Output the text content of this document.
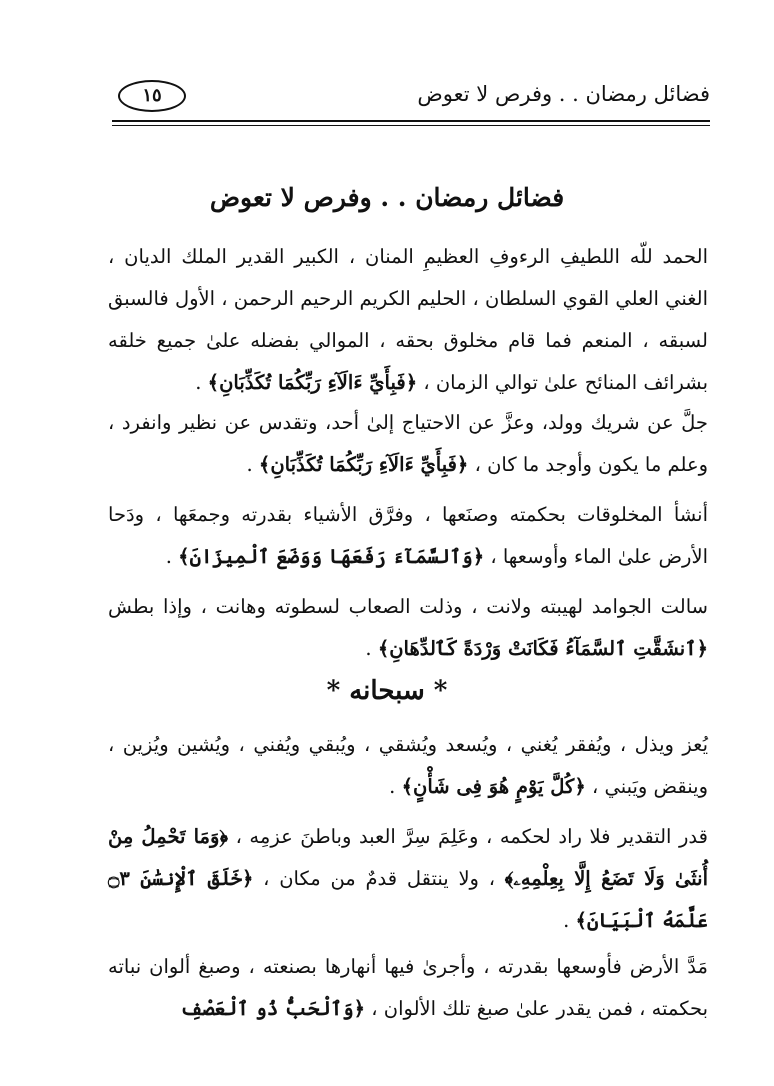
فضائل رمضان . . وفرص لا تعوض
١٥
فضائل رمضان . . وفرص لا تعوض
الحمد للّه اللطيفِ الرءوفِ العظيمِ المنان ، الكبير القدير الملك الديان ، الغني العلي القوي السلطان ، الحليم الكريم الرحيم الرحمن ، الأول فالسبق لسبقه ، المنعم فما قام مخلوق بحقه ، الموالي بفضله علىٰ جميع خلقه بشرائف المنائح علىٰ توالي الزمان ، ﴿فَبِأَيِّ ءَالَآءِ رَبِّكُمَا تُكَذِّبَانِ﴾ .
جلَّ عن شريك وولد، وعزَّ عن الاحتياج إلىٰ أحد، وتقدس عن نظير وانفرد ، وعلم ما يكون وأوجد ما كان ، ﴿فَبِأَيِّ ءَالَآءِ رَبِّكُمَا تُكَذِّبَانِ﴾ .
أنشأ المخلوقات بحكمته وصنَعها ، وفرَّق الأشياء بقدرته وجمعَها ، ودَحا الأرض علىٰ الماء وأوسعها ، ﴿وَٱلسَّمَآءَ رَفَعَهَا وَوَضَعَ ٱلْمِيزَانَ﴾ .
سالت الجوامد لهيبته ولانت ، وذلت الصعاب لسطوته وهانت ، وإذا بطش ﴿ٱنشَقَّتِ ٱلسَّمَآءُ فَكَانَتْ وَرْدَةً كَٱلدِّهَانِ﴾ .
* سبحانه *
يُعز ويذل ، ويُفقر يُغني ، ويُسعد ويُشقي ، ويُبقي ويُفني ، ويُشين ويُزين ، وينقض ويَبني ، ﴿كُلَّ يَوْمٍ هُوَ فِى شَأْنٍ﴾ .
قدر التقدير فلا راد لحكمه ، وعَلِمَ سِرَّ العبد وباطنَ عزمِه ، ﴿وَمَا تَحْمِلُ مِنْ أُنثَىٰ وَلَا تَضَعُ إِلَّا بِعِلْمِهِۦ﴾ ، ولا ينتقل قدمٌ من مكان ، ﴿خَلَقَ ٱلْإِنسَٰنَ ۝٣ عَلَّمَهُ ٱلْبَيَانَ﴾ .
مَدَّ الأرض فأوسعها بقدرته ، وأجرىٰ فيها أنهارها بصنعته ، وصبغ ألوان نباته بحكمته ، فمن يقدر علىٰ صبغ تلك الألوان ، ﴿وَٱلْحَبُّ ذُو ٱلْعَصْفِ
